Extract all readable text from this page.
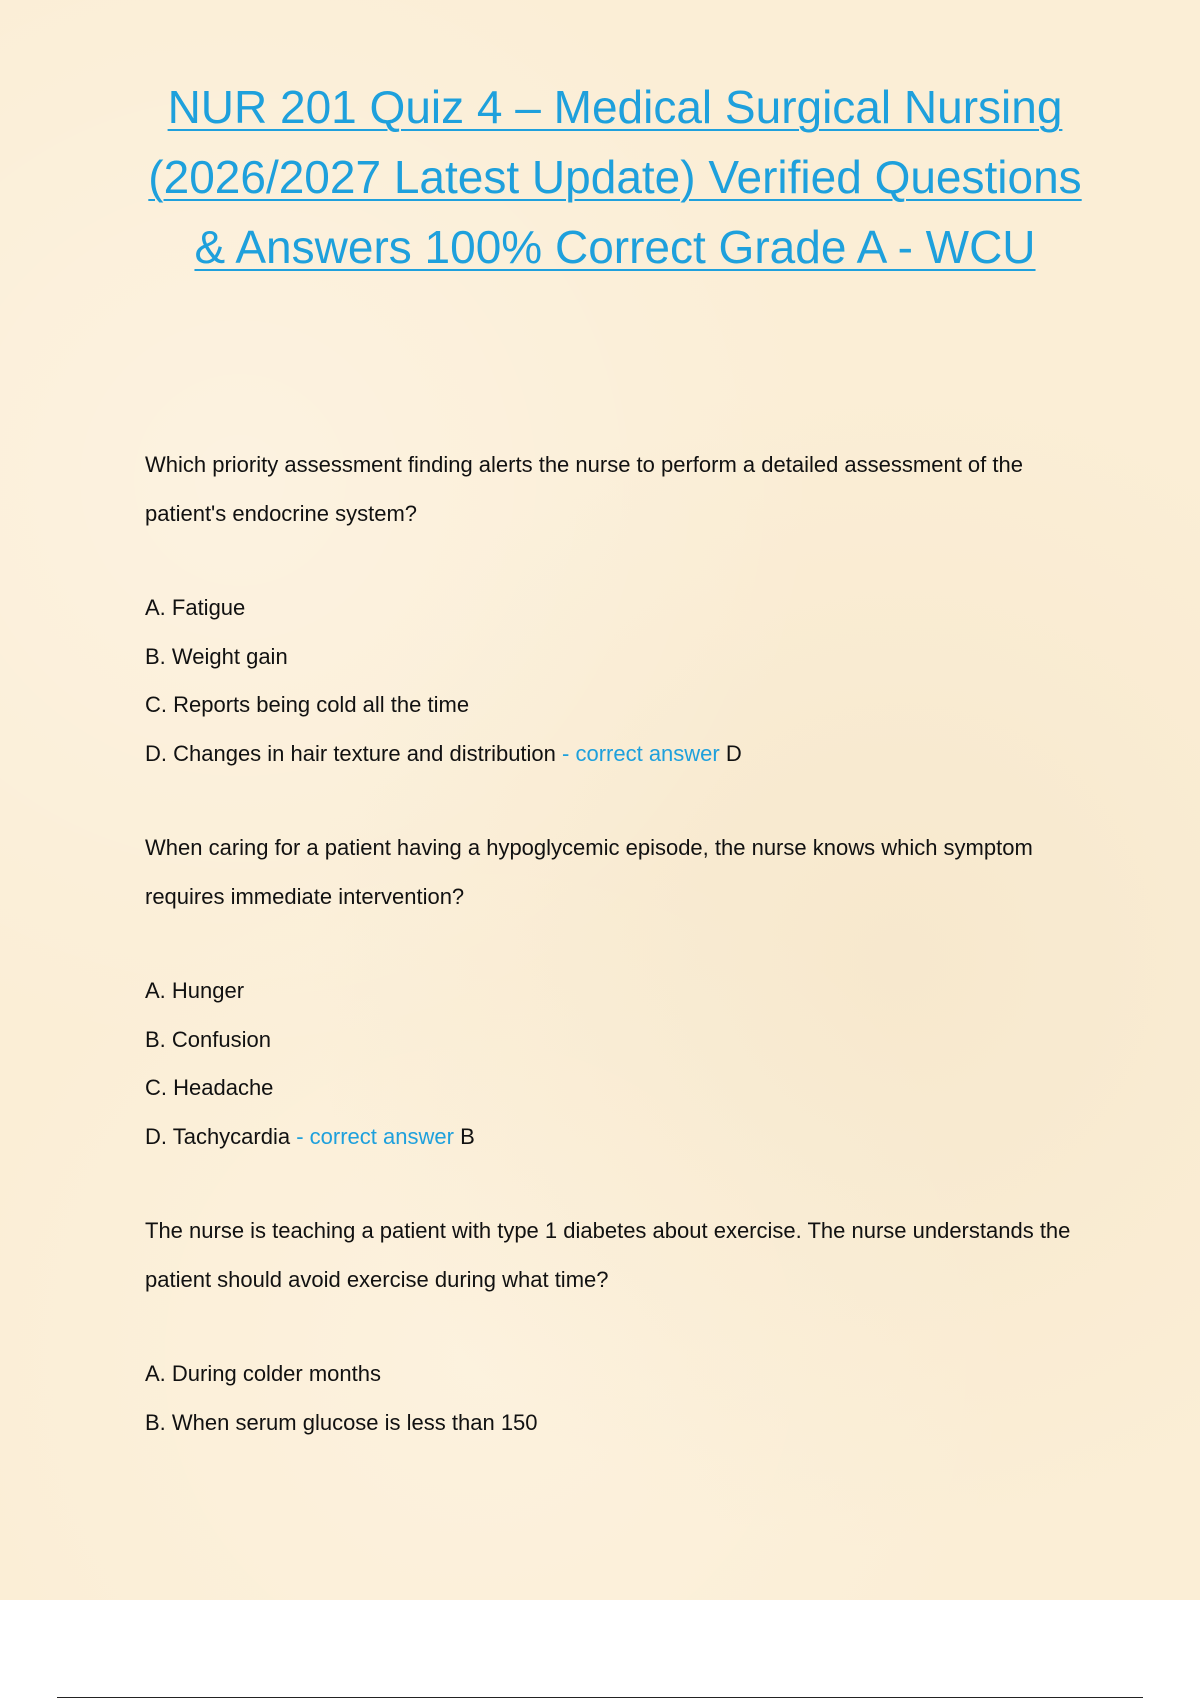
NUR 201 Quiz 4 – Medical Surgical Nursing (2026/2027 Latest Update) Verified Questions & Answers 100% Correct Grade A - WCU

Which priority assessment finding alerts the nurse to perform a detailed assessment of the patient's endocrine system?

A. Fatigue
B. Weight gain
C. Reports being cold all the time
D. Changes in hair texture and distribution - correct answer D

When caring for a patient having a hypoglycemic episode, the nurse knows which symptom requires immediate intervention?

A. Hunger
B. Confusion
C. Headache
D. Tachycardia - correct answer B

The nurse is teaching a patient with type 1 diabetes about exercise. The nurse understands the patient should avoid exercise during what time?

A. During colder months
B. When serum glucose is less than 150
